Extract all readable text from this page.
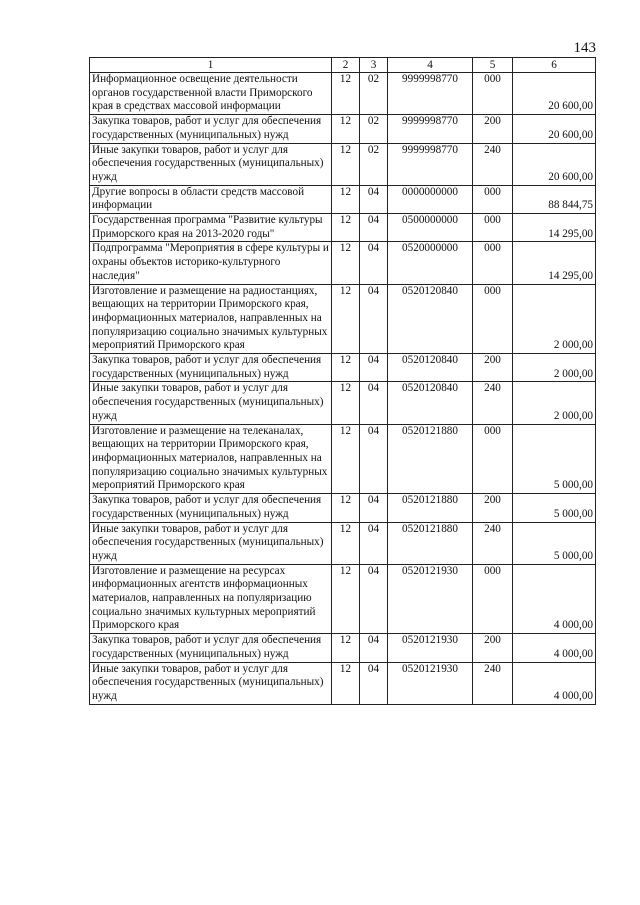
143
1	2	3	4	5	6
Информационное освещение деятельности органов государственной власти Приморского края в средствах массовой информации	12	02	9999998770	000	20 600,00
Закупка товаров, работ и услуг для обеспечения государственных (муниципальных) нужд	12	02	9999998770	200	20 600,00
Иные закупки товаров, работ и услуг для обеспечения государственных (муниципальных) нужд	12	02	9999998770	240	20 600,00
Другие вопросы в области средств массовой информации	12	04	0000000000	000	88 844,75
Государственная программа "Развитие культуры Приморского края на 2013-2020 годы"	12	04	0500000000	000	14 295,00
Подпрограмма "Мероприятия в сфере культуры и охраны объектов историко-культурного наследия"	12	04	0520000000	000	14 295,00
Изготовление и размещение на радиостанциях, вещающих на территории Приморского края, информационных материалов, направленных на популяризацию социально значимых культурных мероприятий Приморского края	12	04	0520120840	000	2 000,00
Закупка товаров, работ и услуг для обеспечения государственных (муниципальных) нужд	12	04	0520120840	200	2 000,00
Иные закупки товаров, работ и услуг для обеспечения государственных (муниципальных) нужд	12	04	0520120840	240	2 000,00
Изготовление и размещение на телеканалах, вещающих на территории Приморского края, информационных материалов, направленных на популяризацию социально значимых культурных мероприятий Приморского края	12	04	0520121880	000	5 000,00
Закупка товаров, работ и услуг для обеспечения государственных (муниципальных) нужд	12	04	0520121880	200	5 000,00
Иные закупки товаров, работ и услуг для обеспечения государственных (муниципальных) нужд	12	04	0520121880	240	5 000,00
Изготовление и размещение на ресурсах информационных агентств информационных материалов, направленных на популяризацию социально значимых культурных мероприятий Приморского края	12	04	0520121930	000	4 000,00
Закупка товаров, работ и услуг для обеспечения государственных (муниципальных) нужд	12	04	0520121930	200	4 000,00
Иные закупки товаров, работ и услуг для обеспечения государственных (муниципальных) нужд	12	04	0520121930	240	4 000,00
